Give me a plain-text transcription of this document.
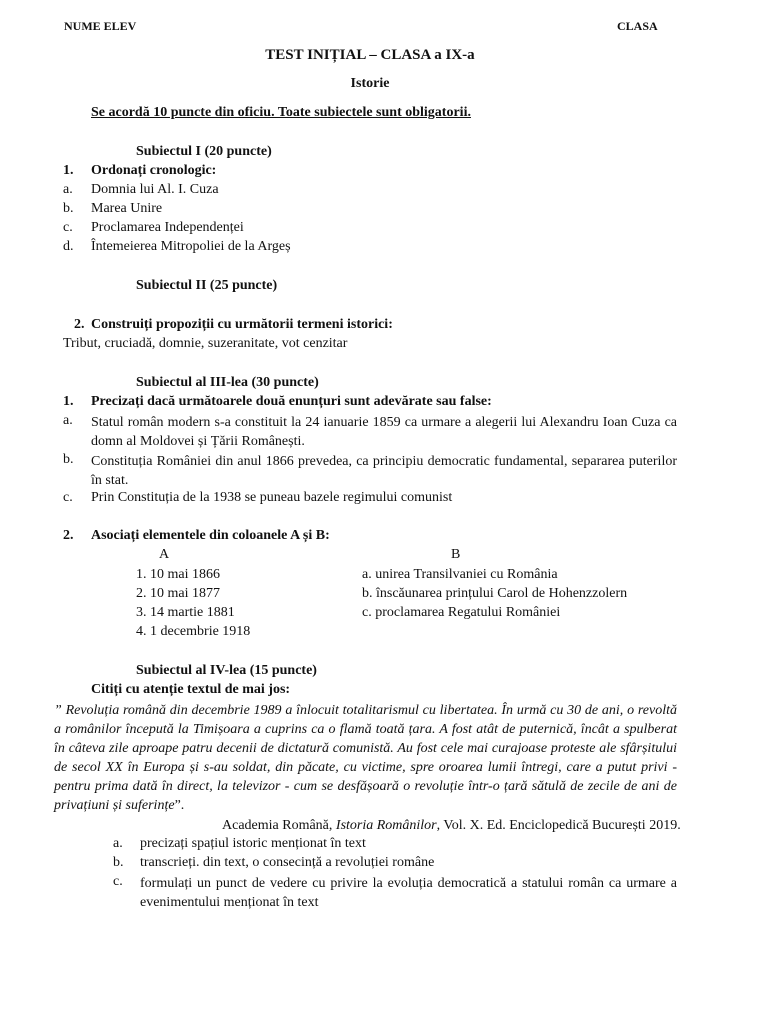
NUME ELEV	CLASA
TEST INIȚIAL – CLASA a IX-a
Istorie
Se acordă 10 puncte din oficiu. Toate subiectele sunt obligatorii.
Subiectul I (20 puncte)
1. Ordonați cronologic:
a. Domnia lui Al. I. Cuza
b. Marea Unire
c. Proclamarea Independenței
d. Întemeierea Mitropoliei de la Argeș
Subiectul II (25 puncte)
2. Construiți propoziții cu următorii termeni istorici:
Tribut, cruciadă, domnie, suzeranitate, vot cenzitar
Subiectul al III-lea (30 puncte)
1. Precizați dacă următoarele două enunțuri sunt adevărate sau false:
a. Statul român modern s-a constituit la 24 ianuarie 1859 ca urmare a alegerii lui Alexandru Ioan Cuza ca domn al Moldovei și Țării Românești.
b. Constituția României din anul 1866 prevedea, ca principiu democratic fundamental, separarea puterilor în stat.
c. Prin Constituția de la 1938 se puneau bazele regimului comunist
2. Asociați elementele din coloanele A și B:
A	B
1. 10 mai 1866
2. 10 mai 1877
3. 14 martie 1881
4. 1 decembrie 1918
a. unirea Transilvaniei cu România
b. înscăunarea prințului Carol de Hohenzzolern
c. proclamarea Regatului României
Subiectul al IV-lea (15 puncte)
Citiți cu atenție textul de mai jos:
” Revoluția română din decembrie 1989 a înlocuit totalitarismul cu libertatea. În urmă cu 30 de ani, o revoltă a românilor începută la Timișoara a cuprins ca o flamă toată țara. A fost atât de puternică, încât a spulberat în câteva zile aproape patru decenii de dictatură comunistă. Au fost cele mai curajoase proteste ale sfârșitului de secol XX în Europa și s-au soldat, din păcate, cu victime, spre oroarea lumii întregi, care a putut privi - pentru prima dată în direct, la televizor - cum se desfășoară o revoluție într-o țară sătulă de zecile de ani de privațiuni și suferințe”.
Academia Română, Istoria Românilor, Vol. X. Ed. Enciclopedică București 2019.
a. precizați spațiul istoric menționat în text
b. transcrieți. din text, o consecință a revoluției române
c. formulați un punct de vedere cu privire la evoluția democratică a statului român ca urmare a evenimentului menționat în text
